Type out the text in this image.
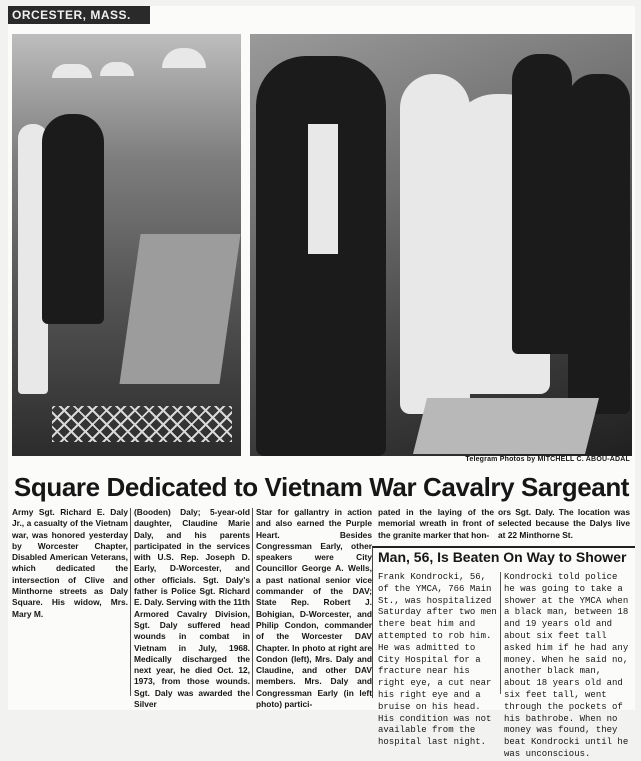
ORCESTER, MASS.
Telegram Photos by MITCHELL C. ABOU-ADAL
Square Dedicated to Vietnam War Cavalry Sargeant
Army Sgt. Richard E. Daly Jr., a casualty of the Vietnam war, was honored yesterday by Worcester Chapter, Disabled American Veterans, which dedicated the intersection of Clive and Minthorne streets as Daly Square. His widow, Mrs. Mary M.
(Booden) Daly; 5-year-old daughter, Claudine Marie Daly, and his parents participated in the services with U.S. Rep. Joseph D. Early, D-Worcester, and other officials. Sgt. Daly's father is Police Sgt. Richard E. Daly. Serving with the 11th Armored Cavalry Division, Sgt. Daly suffered head wounds in combat in Vietnam in July, 1968. Medically discharged the next year, he died Oct. 12, 1973, from those wounds. Sgt. Daly was awarded the Silver
Star for gallantry in action and also earned the Purple Heart. Besides Congressman Early, other speakers were City Councillor George A. Wells, a past national senior vice commander of the DAV; State Rep. Robert J. Bohigian, D-Worcester, and Philip Condon, commander of the Worcester DAV Chapter. In photo at right are Condon (left), Mrs. Daly and Claudine, and other DAV members. Mrs. Daly and Congressman Early (in left photo) partici-
pated in the laying of the memorial wreath in front of the granite marker that hon-
ors Sgt. Daly. The location was selected because the Dalys live at 22 Minthorne St.
Man, 56, Is Beaten On Way to Shower
Frank Kondrocki, 56, of the YMCA, 766 Main St., was hospitalized Saturday after two men there beat him and attempted to rob him.
He was admitted to City Hospital for a fracture near his right eye, a cut near his right eye and a bruise on his head. His condition was not available from the hospital last night.
Kondrocki told police he was going to take a shower at the YMCA when a black man, between 18 and 19 years old and about six feet tall asked him if he had any money. When he said no, another black man, about 18 years old and six feet tall, went through the pockets of his bathrobe. When no money was found, they beat Kondrocki until he was unconscious.
